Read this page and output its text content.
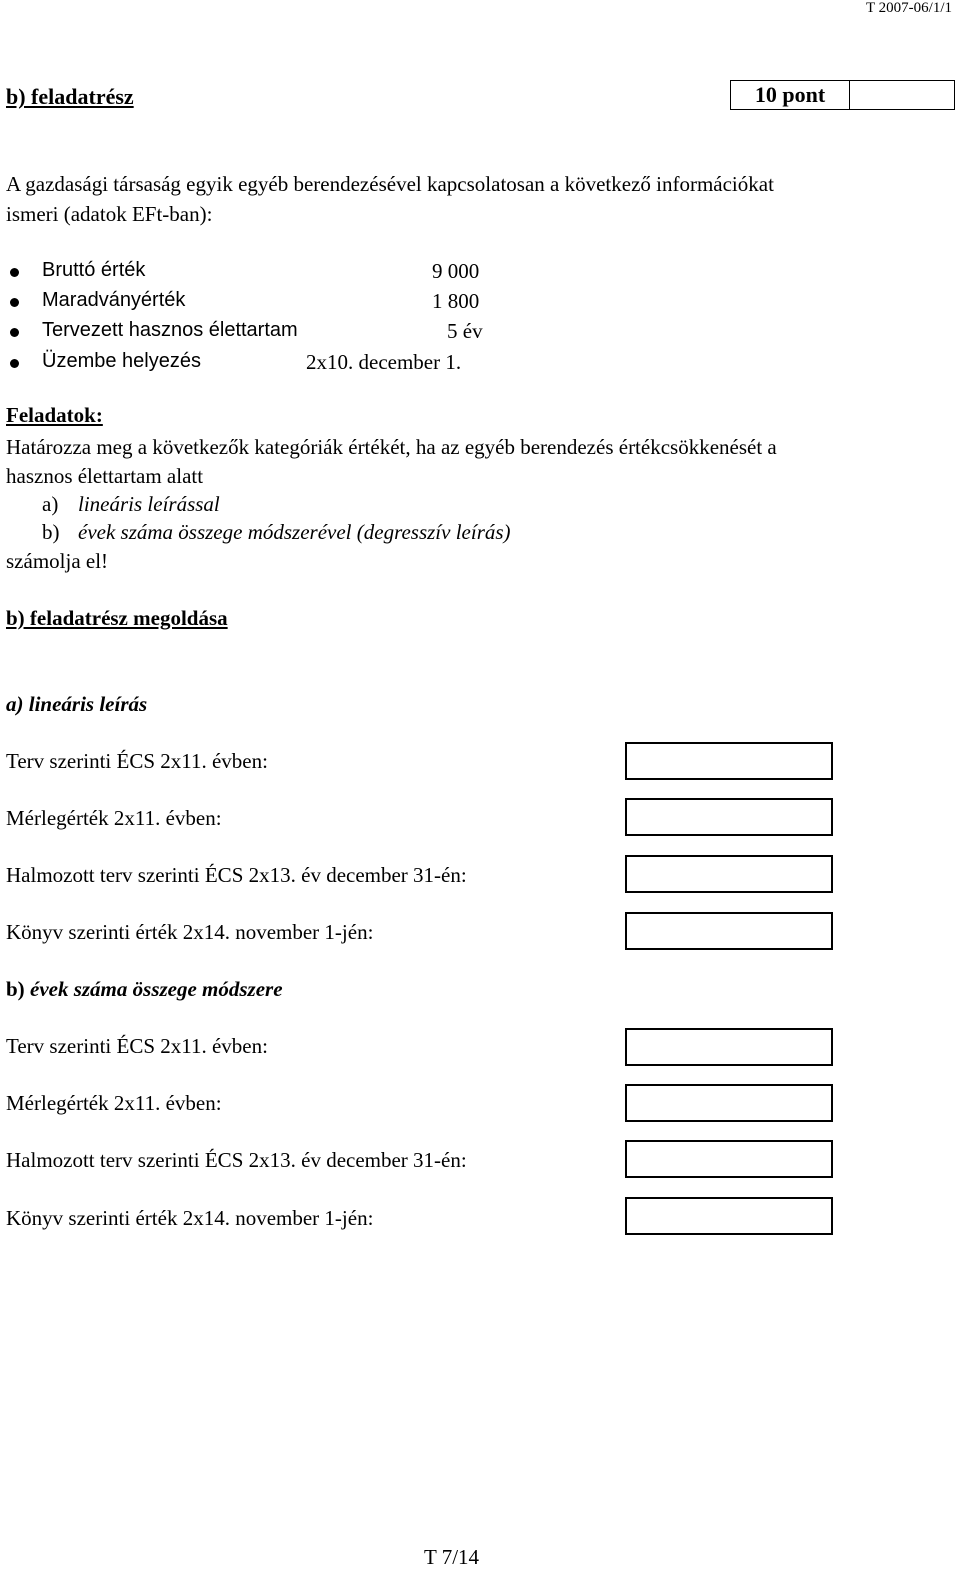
T 2007-06/1/1
b) feladatrész	10 pont
A gazdasági társaság egyik egyéb berendezésével kapcsolatosan a következő információkat
ismeri (adatok EFt-ban):
Bruttó érték	9 000
Maradványérték	1 800
Tervezett hasznos élettartam	5 év
Üzembe helyezés	2x10. december 1.
Feladatok:
Határozza meg a következők kategóriák értékét, ha az egyéb berendezés értékcsökkenését a
hasznos élettartam alatt
a) lineáris leírással
b) évek száma összege módszerével (degresszív leírás)
számolja el!
b) feladatrész megoldása
a) lineáris leírás
Terv szerinti ÉCS 2x11. évben:
Mérlegérték 2x11. évben:
Halmozott terv szerinti ÉCS 2x13. év december 31-én:
Könyv szerinti érték 2x14. november 1-jén:
b) évek száma összege módszere
Terv szerinti ÉCS 2x11. évben:
Mérlegérték 2x11. évben:
Halmozott terv szerinti ÉCS 2x13. év december 31-én:
Könyv szerinti érték 2x14. november 1-jén:
T 7/14
